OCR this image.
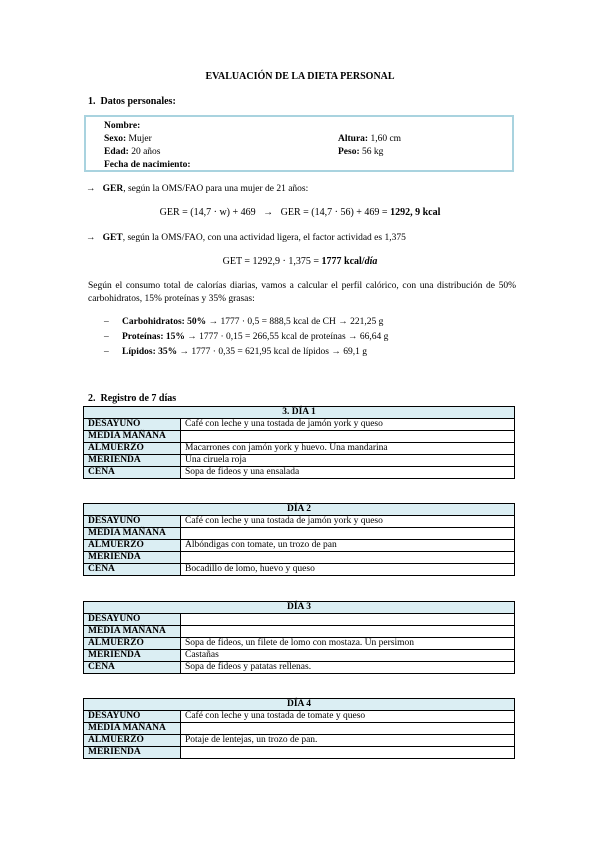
EVALUACIÓN DE LA DIETA PERSONAL
1. Datos personales:
Nombre:
Sexo: Mujer
Edad: 20 años
Fecha de nacimiento:
Altura: 1,60 cm
Peso: 56 kg
→ GER, según la OMS/FAO para una mujer de 21 años:
GER = (14,7 · w) + 469 → GER = (14,7 · 56) + 469 = 1292, 9 kcal
→ GET, según la OMS/FAO, con una actividad ligera, el factor actividad es 1,375
GET = 1292,9 · 1,375 = 1777 kcal/día
Según el consumo total de calorías diarias, vamos a calcular el perfil calórico, con una distribución de 50% carbohidratos, 15% proteínas y 35% grasas:
– Carbohidratos: 50% → 1777 · 0,5 = 888,5 kcal de CH → 221,25 g
– Proteínas: 15% → 1777 · 0,15 = 266,55 kcal de proteínas → 66,64 g
– Lípidos: 35% → 1777 · 0,35 = 621,95 kcal de lípidos → 69,1 g
2. Registro de 7 días
3. DÍA 1	
DESAYUNO	Café con leche y una tostada de jamón york y queso
MEDIA MAÑANA	
ALMUERZO	Macarrones con jamón york y huevo. Una mandarina
MERIENDA	Una ciruela roja
CENA	Sopa de fideos y una ensalada
DÍA 2	
DESAYUNO	Café con leche y una tostada de jamón york y queso
MEDIA MAÑANA	
ALMUERZO	Albóndigas con tomate, un trozo de pan
MERIENDA	
CENA	Bocadillo de lomo, huevo y queso
DÍA 3	
DESAYUNO	
MEDIA MAÑANA	
ALMUERZO	Sopa de fideos, un filete de lomo con mostaza. Un persimon
MERIENDA	Castañas
CENA	Sopa de fideos y patatas rellenas.
DÍA 4	
DESAYUNO	Café con leche y una tostada de tomate y queso
MEDIA MAÑANA	
ALMUERZO	Potaje de lentejas, un trozo de pan.
MERIENDA	
